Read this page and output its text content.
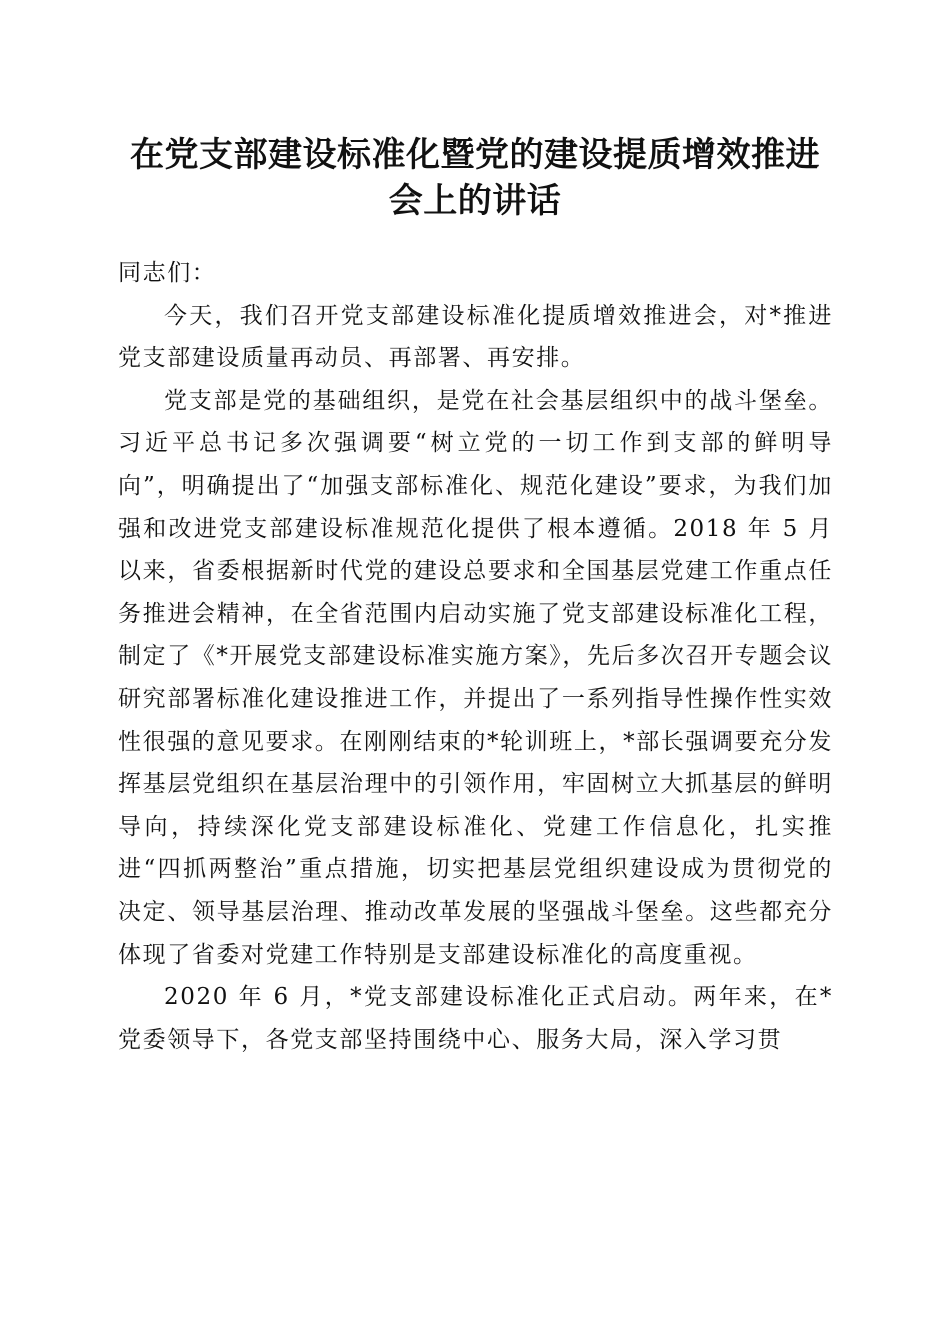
在党支部建设标准化暨党的建设提质增效推进
会上的讲话

同志们：

今天，我们召开党支部建设标准化提质增效推进会，对*推进党支部建设质量再动员、再部署、再安排。

党支部是党的基础组织，是党在社会基层组织中的战斗堡垒。习近平总书记多次强调要“树立党的一切工作到支部的鲜明导向”，明确提出了“加强支部标准化、规范化建设”要求，为我们加强和改进党支部建设标准规范化提供了根本遵循。2018 年 5 月以来，省委根据新时代党的建设总要求和全国基层党建工作重点任务推进会精神，在全省范围内启动实施了党支部建设标准化工程，制定了《*开展党支部建设标准实施方案》，先后多次召开专题会议研究部署标准化建设推进工作，并提出了一系列指导性操作性实效性很强的意见要求。在刚刚结束的*轮训班上，*部长强调要充分发挥基层党组织在基层治理中的引领作用，牢固树立大抓基层的鲜明导向，持续深化党支部建设标准化、党建工作信息化，扎实推进“四抓两整治”重点措施，切实把基层党组织建设成为贯彻党的决定、领导基层治理、推动改革发展的坚强战斗堡垒。这些都充分体现了省委对党建工作特别是支部建设标准化的高度重视。

2020 年 6 月，*党支部建设标准化正式启动。两年来，在*党委领导下，各党支部坚持围绕中心、服务大局，深入学习贯
